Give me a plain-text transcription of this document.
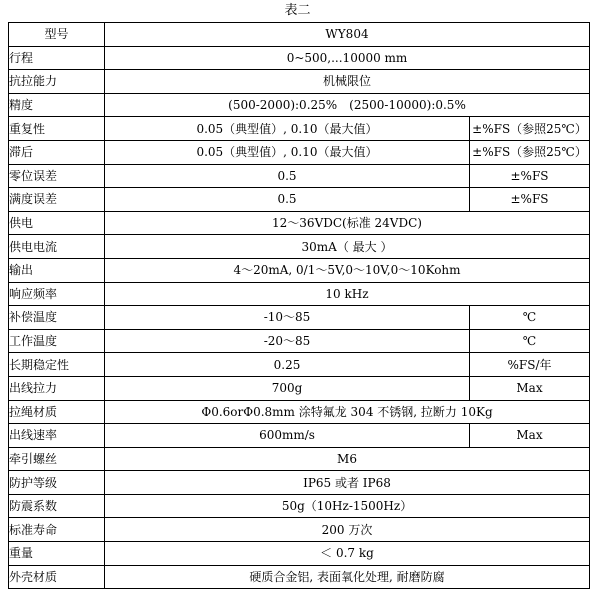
表二
型号	WY804	
行程	0~500,...10000 mm	
抗拉能力	机械限位	
精度	(500-2000):0.25%　(2500-10000):0.5%	
重复性	0.05（典型值）, 0.10（最大值）	±%FS（参照25℃）
滞后	0.05（典型值）, 0.10（最大值）	±%FS（参照25℃）
零位误差	0.5	±%FS
满度误差	0.5	±%FS
供电	12～36VDC(标准 24VDC)	
供电电流	30mA（ 最大 ）	
输出	4～20mA, 0/1～5V,0～10V,0～10Kohm	
响应频率	10 kHz	
补偿温度	-10～85	℃
工作温度	-20～85	℃
长期稳定性	0.25	%FS/年
出线拉力	700g	Max
拉绳材质	Φ0.6orΦ0.8mm 涂特氟龙 304 不锈钢, 拉断力 10Kg	
出线速率	600mm/s	Max
牵引螺丝	M6	
防护等级	IP65 或者 IP68	
防震系数	50g（10Hz-1500Hz）	
标准寿命	200 万次	
重量	＜ 0.7 kg	
外壳材质	硬质合金铝, 表面氧化处理, 耐磨防腐	
